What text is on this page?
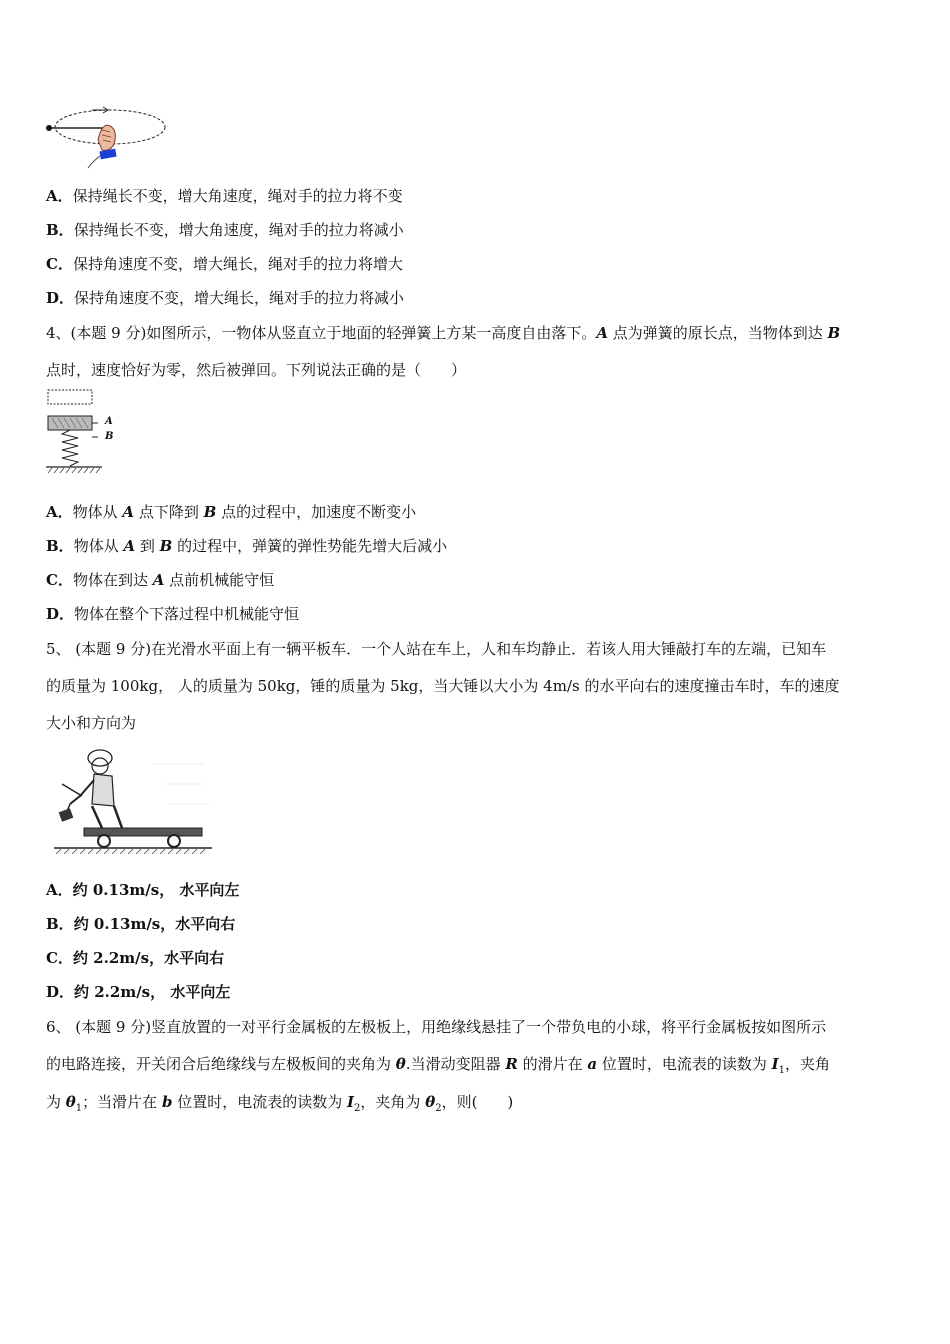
A．保持绳长不变，增大角速度，绳对手的拉力将不变
B．保持绳长不变，增大角速度，绳对手的拉力将减小
C．保持角速度不变，增大绳长，绳对手的拉力将增大
D．保持角速度不变，增大绳长，绳对手的拉力将减小
4、(本题 9 分)如图所示，一物体从竖直立于地面的轻弹簧上方某一高度自由落下。A 点为弹簧的原长点，当物体到达 B
点时，速度恰好为零，然后被弹回。下列说法正确的是（　　）
A
B
A．物体从 A 点下降到 B 点的过程中，加速度不断变小
B．物体从 A 到 B 的过程中，弹簧的弹性势能先增大后减小
C．物体在到达 A 点前机械能守恒
D．物体在整个下落过程中机械能守恒
5、 (本题 9 分)在光滑水平面上有一辆平板车．一个人站在车上，人和车均静止．若该人用大锤敲打车的左端，已知车
的质量为 100kg， 人的质量为 50kg，锤的质量为 5kg，当大锤以大小为 4m/s 的水平向右的速度撞击车时，车的速度
大小和方向为
A．约 0.13m/s， 水平向左
B．约 0.13m/s，水平向右
C．约 2.2m/s，水平向右
D．约 2.2m/s， 水平向左
6、 (本题 9 分)竖直放置的一对平行金属板的左极板上，用绝缘线悬挂了一个带负电的小球，将平行金属板按如图所示
的电路连接，开关闭合后绝缘线与左极板间的夹角为 θ.当滑动变阻器 R 的滑片在 a 位置时，电流表的读数为 $I_1$，夹角
为 $\theta_1$；当滑片在 b 位置时，电流表的读数为 $I_2$，夹角为 $\theta_2$，则(　　)
